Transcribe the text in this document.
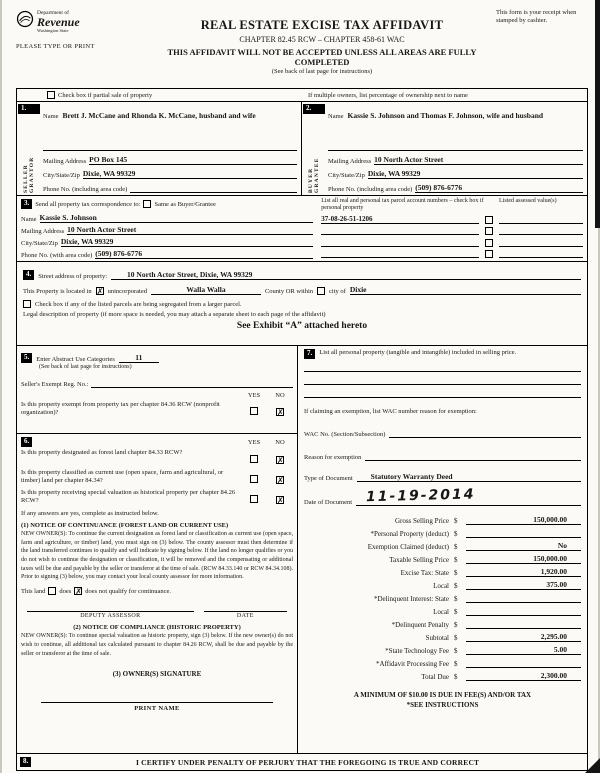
Department of
Revenue
Washington State
PLEASE TYPE OR PRINT
REAL ESTATE EXCISE TAX AFFIDAVIT
CHAPTER 82.45 RCW – CHAPTER 458-61 WAC
THIS AFFIDAVIT WILL NOT BE ACCEPTED UNLESS ALL AREAS ARE FULLY COMPLETED
(See back of last page for instructions)
This form is your receipt when stamped by cashier.
Check box if partial sale of property	If multiple owners, list percentage of ownership next to name
1.
SELLER GRANTOR
Name Brett J. McCane and Rhonda K. McCane, husband and wife
Mailing Address PO Box 145
City/State/Zip Dixie, WA 99329
Phone No. (including area code)
2.
BUYER GRANTEE
Name Kassie S. Johnson and Thomas F. Johnson, wife and husband
Mailing Address 10 North Actor Street
City/State/Zip Dixie, WA 99329
Phone No. (including area code) (509) 876-6776
3. Send all property tax correspondence to: Same as Buyer/Grantee
Name Kassie S. Johnson
Mailing Address 10 North Actor Street
City/State/Zip Dixie, WA 99329
Phone No. (with area code) (509) 876-6776
List all real and personal tax parcel account numbers – check box if personal property
Listed assessed value(s)
37-08-26-51-1206
4.	Street address of property:	10 North Actor Street, Dixie, WA 99329
This Property is located in ✗ unincorporated	Walla Walla	County OR within city of Dixie
Check box if any of the listed parcels are being segregated from a larger parcel.
Legal description of property (if more space is needed, you may attach a separate sheet to each page of the affidavit)
See Exhibit “A” attached hereto
5.	Enter Abstract Use Categories	11
(See back of last page for instructions)
Seller's Exempt Reg. No.:
YES	NO
Is this property exempt from property tax per chapter 84.36 RCW (nonprofit organization)?	✗
6.	YES	NO
Is this property designated as forest land chapter 84.33 RCW?
✗
Is this property classified as current use (open space, farm and agricultural, or timber) land per chapter 84.34?	✗
Is this property receiving special valuation as historical property per chapter 84.26 RCW?	✗
If any answers are yes, complete as instructed below.
(1) NOTICE OF CONTINUANCE (FOREST LAND OR CURRENT USE)
NEW OWNER(S): To continue the current designation as forest land or classification as current use (open space, farm and agriculture, or timber) land, you must sign on (3) below. The county assessor must then determine if the land transferred continues to qualify and will indicate by signing below. If the land no longer qualifies or you do not wish to continue the designation or classification, it will be removed and the compensating or additional taxes will be due and payable by the seller or transferor at the time of sale. (RCW 84.33.140 or RCW 84.34.108). Prior to signing (3) below, you may contact your local county assessor for more information.
This land does ✗ does not qualify for continuance.
DEPUTY ASSESSOR	DATE
(2) NOTICE OF COMPLIANCE (HISTORIC PROPERTY)
NEW OWNER(S): To continue special valuation as historic property, sign (3) below. If the new owner(s) do not wish to continue, all additional tax calculated pursuant to chapter 84.26 RCW, shall be due and payable by the seller or transferor at the time of sale.
(3) OWNER(S) SIGNATURE
PRINT NAME
7.	List all personal property (tangible and intangible) included in selling price.
If claiming an exemption, list WAC number reason for exemption:
WAC No. (Section/Subsection)
Reason for exemption
Type of Document	Statutory Warranty Deed
Date of Document 11-19-2014
Gross Selling Price $	150,000.00
*Personal Property (deduct) $
Exemption Claimed (deduct) $	No
Taxable Selling Price $	150,000.00
Excise Tax: State $	1,920.00
Local $	375.00
*Delinquent Interest: State $
Local $
*Delinquent Penalty $
Subtotal $	2,295.00
*State Technology Fee $	5.00
*Affidavit Processing Fee $
Total Due $	2,300.00
A MINIMUM OF $10.00 IS DUE IN FEE(S) AND/OR TAX
*SEE INSTRUCTIONS
8.	I CERTIFY UNDER PENALTY OF PERJURY THAT THE FOREGOING IS TRUE AND CORRECT
